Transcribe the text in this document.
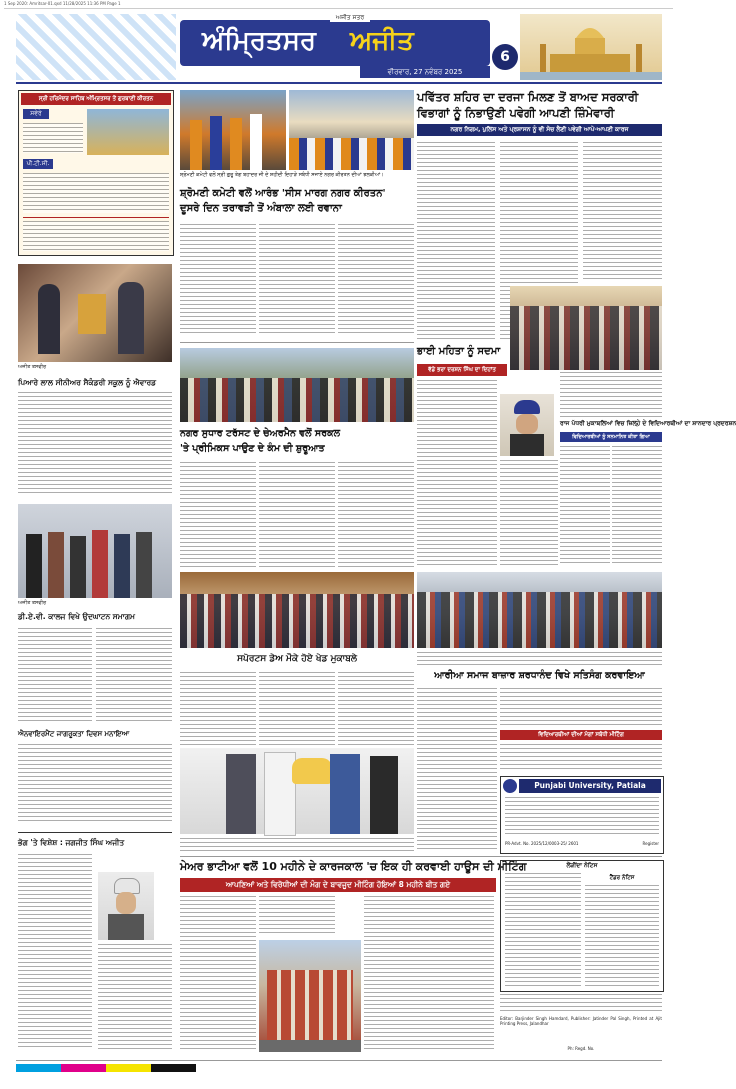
1 Sep 2020: Amritsar-01.qxd 11/28/2025 11:36 PM Page 1
ਅਜੀਤ ਸਤਰ
ਅੰਮ੍ਰਿਤਸਰ ਅਜੀਤ
ਵੀਰਵਾਰ, 27 ਨਵੰਬਰ 2025
6
ਸ੍ਰੀ ਹਰਿਮੰਦਰ ਸਾਹਿਬ ਅੰਮ੍ਰਿਤਸਰ ਤੋਂ ਗੁਰਬਾਣੀ ਕੀਰਤਨ
ਸਵੇਰੇ
ਪੀ.ਟੀ.ਸੀ.
ਅਜੀਤ ਤਸਵੀਰ
ਪਿਆਰੇ ਲਾਲ ਸੀਨੀਅਰ ਸੈਕੰਡਰੀ ਸਕੂਲ ਨੂੰ ਐਵਾਰਡ
ਅਜੀਤ ਤਸਵੀਰ
ਡੀ.ਏ.ਵੀ. ਕਾਲਜ ਵਿਖੇ ਉਦਘਾਟਨ ਸਮਾਗਮ
ਐਨਵਾਇਰਮੈਂਟ ਜਾਗਰੂਕਤਾ ਦਿਵਸ ਮਨਾਇਆ
ਭੋਗ 'ਤੇ ਵਿਸ਼ੇਸ਼ : ਜਗਜੀਤ ਸਿੰਘ ਅਜੀਤ
ਸ਼੍ਰੋਮਣੀ ਕਮੇਟੀ ਵਲੋਂ ਸ੍ਰੀ ਗੁਰੂ ਤੇਗ ਬਹਾਦਰ ਜੀ ਦੇ ਸ਼ਹੀਦੀ ਦਿਹਾੜੇ ਸਬੰਧੀ ਸਜਾਏ ਨਗਰ ਕੀਰਤਨ ਦੀਆਂ ਝਲਕੀਆਂ।
ਸ਼੍ਰੋਮਣੀ ਕਮੇਟੀ ਵਲੋਂ ਆਰੰਭ 'ਸੀਸ ਮਾਰਗ ਨਗਰ ਕੀਰਤਨ'
ਦੂਸਰੇ ਦਿਨ ਤਰਾਵੜੀ ਤੋਂ ਅੰਬਾਲਾ ਲਈ ਰਵਾਨਾ
ਨਗਰ ਸੁਧਾਰ ਟਰੱਸਟ ਦੇ ਚੇਅਰਮੈਨ ਵਲੋਂ ਸਰਕਲ
'ਤੇ ਪ੍ਰੀਮਿਕਸ ਪਾਉਣ ਦੇ ਕੰਮ ਦੀ ਸ਼ੁਰੂਆਤ
ਭਾਈ ਮਹਿਤਾ ਨੂੰ ਸਦਮਾ
ਵੱਡੇ ਭਰਾ ਦਰਸ਼ਨ ਸਿੰਘ ਦਾ ਦਿਹਾਂਤ
ਸਪੋਰਟਸ ਡੇਅ ਮੌਕੇ ਹੋਏ ਖੇਡ ਮੁਕਾਬਲੇ
ਮੇਅਰ ਭਾਟੀਆ ਵਲੋਂ 10 ਮਹੀਨੇ ਦੇ ਕਾਰਜਕਾਲ 'ਚ ਇਕ ਹੀ ਕਰਵਾਈ ਹਾਊਸ ਦੀ ਮੀਟਿੰਗ
ਆਪਣਿਆਂ ਅਤੇ ਵਿਰੋਧੀਆਂ ਦੀ ਮੰਗ ਦੇ ਬਾਵਜੂਦ ਮੀਟਿੰਗ ਹੋਇਆਂ 8 ਮਹੀਨੇ ਬੀਤ ਗਏ
ਪਵਿੱਤਰ ਸ਼ਹਿਰ ਦਾ ਦਰਜਾ ਮਿਲਣ ਤੋਂ ਬਾਅਦ ਸਰਕਾਰੀ
ਵਿਭਾਗਾਂ ਨੂੰ ਨਿਭਾਉਣੀ ਪਵੇਗੀ ਆਪਣੀ ਜ਼ਿੰਮੇਵਾਰੀ
ਨਗਰ ਨਿਗਮ, ਪੁਲਿਸ ਅਤੇ ਪ੍ਰਸ਼ਾਸਨ ਨੂੰ ਵੀ ਸੋਚ ਲੈਣੀ ਪਵੇਗੀ ਆਪੋ-ਆਪਣੀ ਕਾਰਜ
ਰਾਜ ਪੱਧਰੀ ਮੁਕਾਬਲਿਆਂ ਵਿਚ ਜ਼ਿਲ੍ਹੇ ਦੇ ਵਿਦਿਆਰਥੀਆਂ ਦਾ ਸ਼ਾਨਦਾਰ ਪ੍ਰਦਰਸ਼ਨ
ਵਿਦਿਆਰਥੀਆਂ ਨੂੰ ਸਨਮਾਨਿਤ ਕੀਤਾ ਗਿਆ
ਆਰੀਆ ਸਮਾਜ ਬਾਜ਼ਾਰ ਸ਼ਰਧਾਨੰਦ ਵਿਖੇ ਸਤਿਸੰਗ ਕਰਵਾਇਆ
ਵਿਦਿਆਰਥੀਆਂ ਦੀਆਂ ਮੰਗਾਂ ਸਬੰਧੀ ਮੀਟਿੰਗ
Punjabi University, Patiala
PR-Advt. No. 2025/12/0003-25/ 2601	Register
ਲੋੜੀਂਦਾ ਨੋਟਿਸ
ਟੈਂਡਰ ਨੋਟਿਸ
Editor: Barjinder Singh Hamdard, Publisher: Jatinder Pal Singh, Printed at Ajit Printing Press, Jalandhar
Ph: Regd. No.
